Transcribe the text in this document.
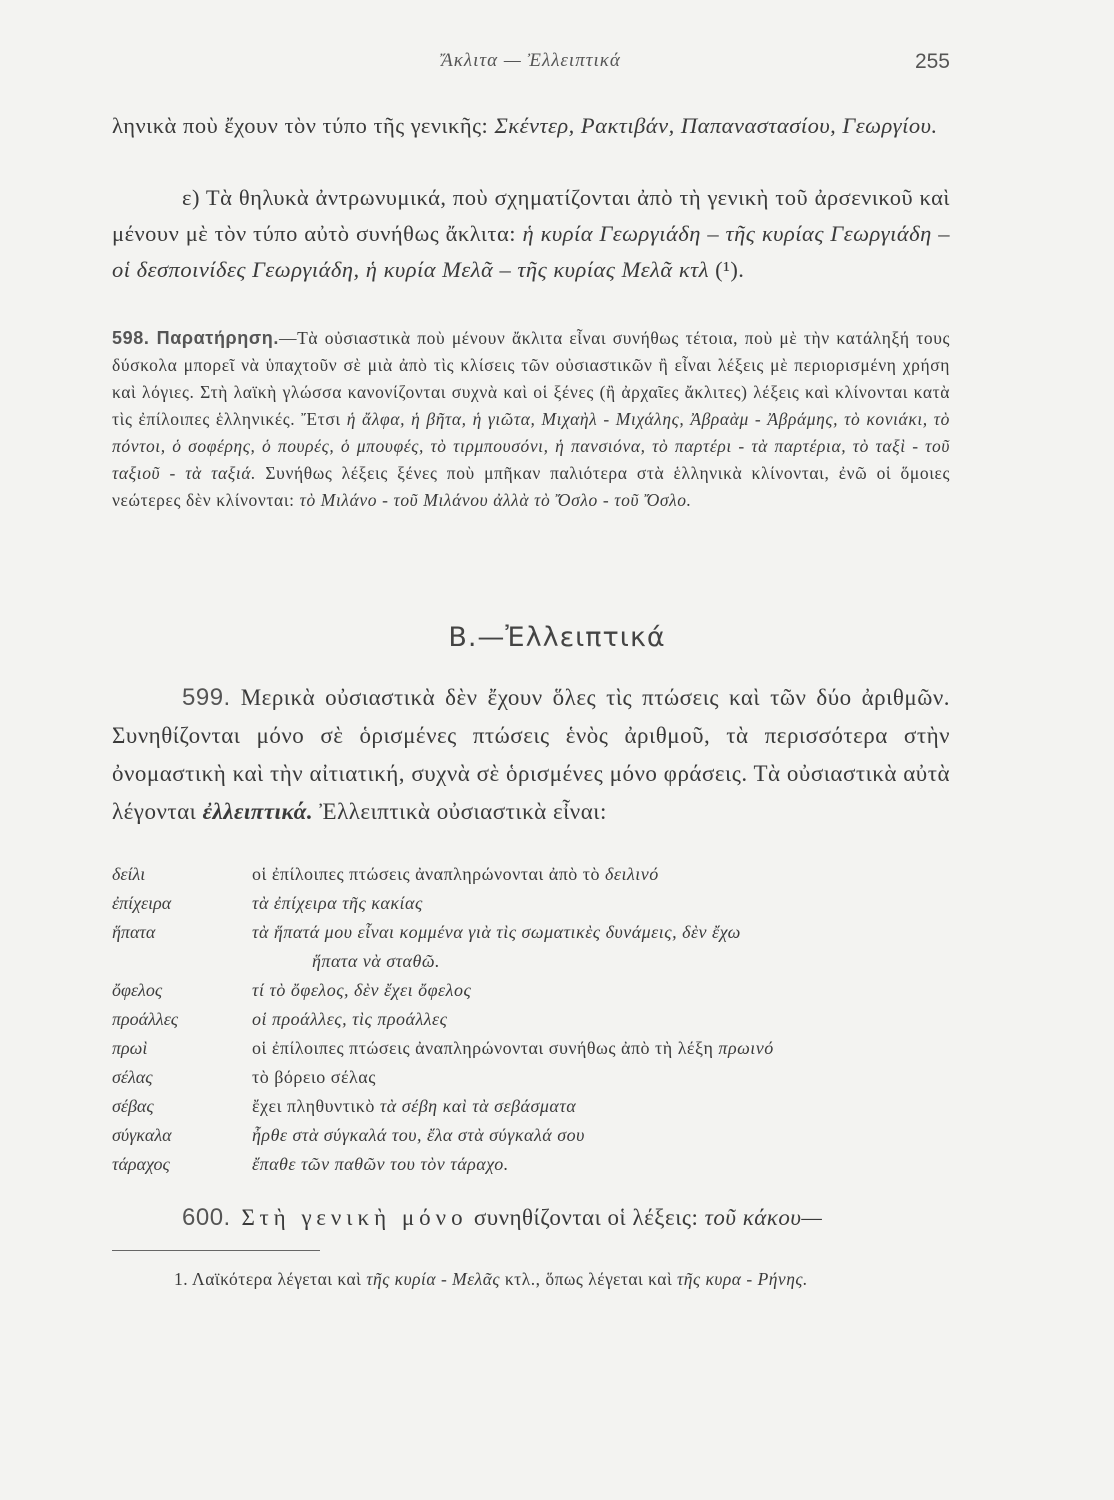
Ἄκλιτα — Ἐλλειπτικά	255
ληνικὰ ποὺ ἔχουν τὸν τύπο τῆς γενικῆς: Σκέντερ, Ρακτιβάν, Παπαναστασίου, Γεωργίου.
ε) Τὰ θηλυκὰ ἀντρωνυμικά, ποὺ σχηματίζονται ἀπὸ τὴ γενικὴ τοῦ ἀρσενικοῦ καὶ μένουν μὲ τὸν τύπο αὐτὸ συνήθως ἄκλιτα: ἡ κυρία Γεωργιάδη – τῆς κυρίας Γεωργιάδη – οἱ δεσποινίδες Γεωργιάδη, ἡ κυρία Μελᾶ – τῆς κυρίας Μελᾶ κτλ (¹).
598. Παρατήρηση.—Τὰ οὐσιαστικὰ ποὺ μένουν ἄκλιτα εἶναι συνήθως τέτοια, ποὺ μὲ τὴν κατάληξή τους δύσκολα μπορεῖ νὰ ὑπαχτοῦν σὲ μιὰ ἀπὸ τὶς κλίσεις τῶν οὐσιαστικῶν ἢ εἶναι λέξεις μὲ περιορισμένη χρήση καὶ λόγιες. Στὴ λαϊκὴ γλώσσα κανονίζονται συχνὰ καὶ οἱ ξένες (ἢ ἀρχαῖες ἄκλιτες) λέξεις καὶ κλίνονται κατὰ τὶς ἐπίλοιπες ἑλληνικές. Ἔτσι ἡ ἄλφα, ἡ βῆτα, ἡ γιῶτα, Μιχαὴλ - Μιχάλης, Ἀβραὰμ - Ἀβράμης, τὸ κονιάκι, τὸ πόντοι, ὁ σοφέρης, ὁ πουρές, ὁ μπουφές, τὸ τιρμπουσόνι, ἡ πανσιόνα, τὸ παρτέρι - τὰ παρτέρια, τὸ ταξὶ - τοῦ ταξιοῦ - τὰ ταξιά. Συνήθως λέξεις ξένες ποὺ μπῆκαν παλιότερα στὰ ἑλληνικὰ κλίνονται, ἐνῶ οἱ ὅμοιες νεώτερες δὲν κλίνονται: τὸ Μιλάνο - τοῦ Μιλάνου ἀλλὰ τὸ Ὄσλο - τοῦ Ὄσλο.
Β.—Ἐλλειπτικά
599. Μερικὰ οὐσιαστικὰ δὲν ἔχουν ὅλες τὶς πτώσεις καὶ τῶν δύο ἀριθμῶν. Συνηθίζονται μόνο σὲ ὁρισμένες πτώσεις ἑνὸς ἀριθμοῦ, τὰ περισσότερα στὴν ὀνομαστικὴ καὶ τὴν αἰτιατική, συχνὰ σὲ ὁρισμένες μόνο φράσεις. Τὰ οὐσιαστικὰ αὐτὰ λέγονται ἐλλειπτικά. Ἐλλειπτικὰ οὐσιαστικὰ εἶναι:
δείλι	οἱ ἐπίλοιπες πτώσεις ἀναπληρώνονται ἀπὸ τὸ δειλινό
ἐπίχειρα	τὰ ἐπίχειρα τῆς κακίας
ἥπατα	τὰ ἥπατά μου εἶναι κομμένα γιὰ τὶς σωματικὲς δυνάμεις, δὲν ἔχω
ἥπατα νὰ σταθῶ.
ὄφελος	τί τὸ ὄφελος, δὲν ἔχει ὄφελος
προάλλες	οἱ προάλλες, τὶς προάλλες
πρωὶ	οἱ ἐπίλοιπες πτώσεις ἀναπληρώνονται συνήθως ἀπὸ τὴ λέξη πρωινό
σέλας	τὸ βόρειο σέλας
σέβας	ἔχει πληθυντικὸ τὰ σέβη καὶ τὰ σεβάσματα
σύγκαλα	ἦρθε στὰ σύγκαλά του, ἔλα στὰ σύγκαλά σου
τάραχος	ἔπαθε τῶν παθῶν του τὸν τάραχο.
600. Στὴ γενικὴ μόνο συνηθίζονται οἱ λέξεις: τοῦ κάκου—
1. Λαϊκότερα λέγεται καὶ τῆς κυρία - Μελᾶς κτλ., ὅπως λέγεται καὶ τῆς κυρα - Ρήνης.
